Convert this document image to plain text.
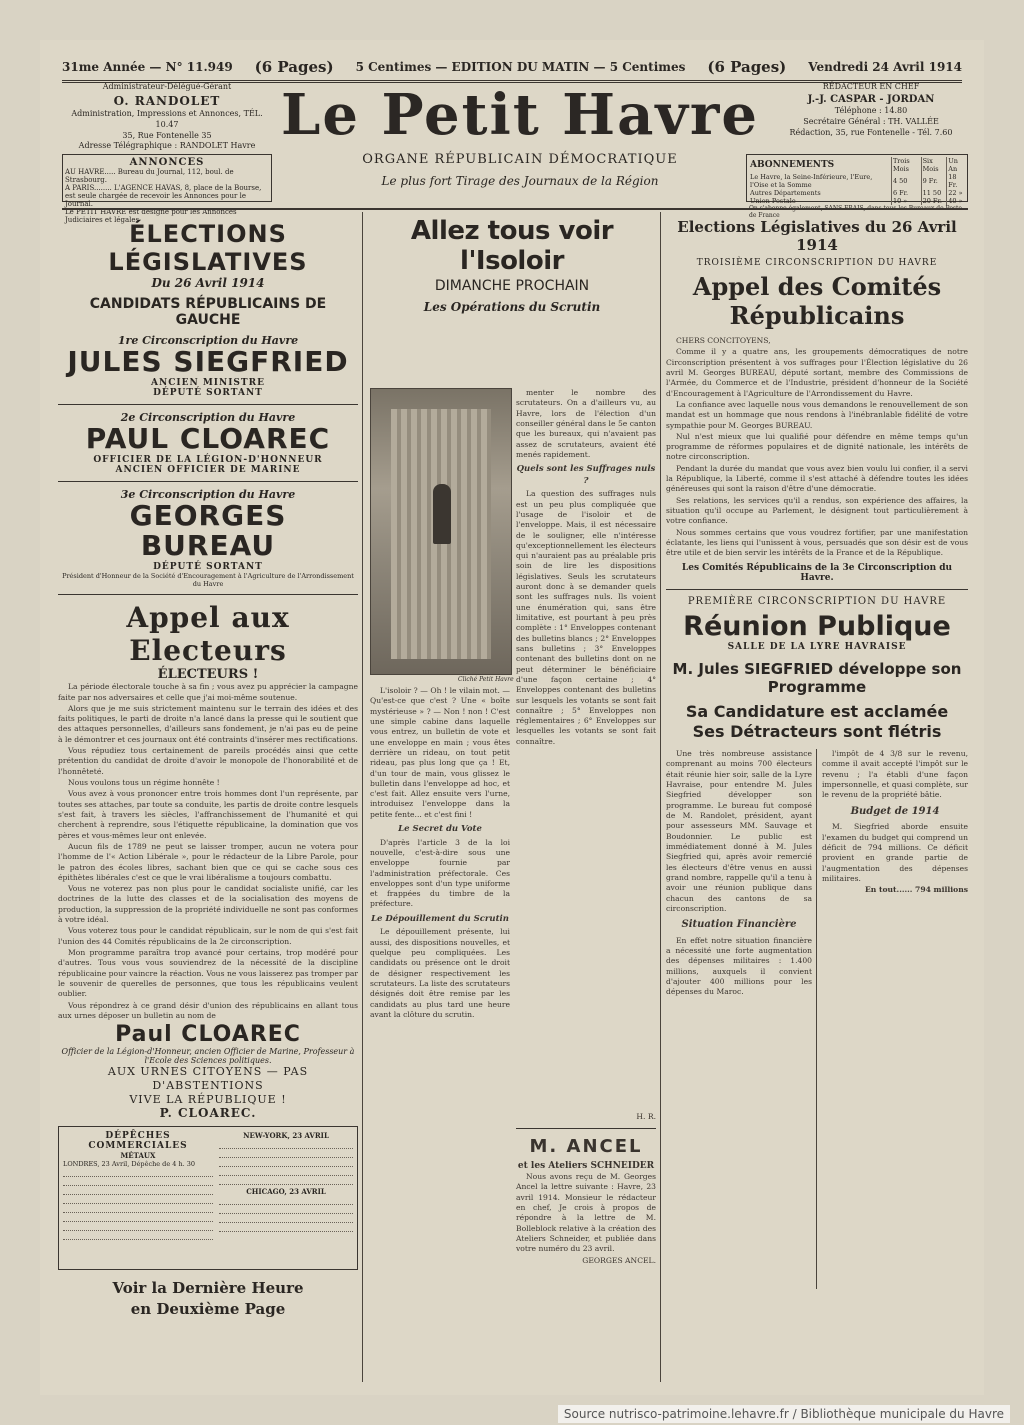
31me Année — N° 11.949 (6 Pages) 5 Centimes — EDITION DU MATIN — 5 Centimes (6 Pages) Vendredi 24 Avril 1914
Administrateur-Délégué-Gérant
O. RANDOLET
Administration, Impressions et Annonces, TÉL. 10.47
35, Rue Fontenelle 35
Adresse Télégraphique : RANDOLET Havre Le Petit Havre
ORGANE RÉPUBLICAIN DÉMOCRATIQUE
Le plus fort Tirage des Journaux de la Région
RÉDACTEUR EN CHEF
J.-J. CASPAR - JORDAN
Téléphone : 14.80
Secrétaire Général : TH. VALLÉE
Rédaction, 35, rue Fontenelle - Tél. 7.60
ANNONCES
AU HAVRE..... Bureau du Journal, 112, boul. de Strasbourg.
A PARIS........ L'AGENCE HAVAS, 8, place de la Bourse, est seule chargée de recevoir les Annonces pour le Journal.
Le PETIT HAVRE est désigné pour les Annonces Judiciaires et légales
ABONNEMENTS	Trois Mois	Six Mois	Un An
Le Havre, la Seine-Inférieure, l'Eure, l'Oise et la Somme	4 50	9 Fr.	18 Fr.
Autres Départements	6 Fr.	11 50	22 »
Union Postale	10 »	20 Fr.	40 »
On s'abonne également, SANS FRAIS, dans tous les Bureaux de Poste de France
ÉLECTIONS LÉGISLATIVES
Du 26 Avril 1914
CANDIDATS RÉPUBLICAINS DE GAUCHE
1re Circonscription du Havre
JULES SIEGFRIED
ANCIEN MINISTRE
DÉPUTÉ SORTANT
2e Circonscription du Havre
PAUL CLOAREC
OFFICIER DE LA LÉGION-D'HONNEUR
ANCIEN OFFICIER DE MARINE
3e Circonscription du Havre
GEORGES BUREAU
DÉPUTÉ SORTANT
Président d'Honneur de la Société d'Encouragement à l'Agriculture de l'Arrondissement du Havre
Appel aux Electeurs
ÉLECTEURS !

La période électorale touche à sa fin ; vous avez pu apprécier la campagne faite par nos adversaires et celle que j'ai moi-même soutenue.

Alors que je me suis strictement maintenu sur le terrain des idées et des faits politiques, le parti de droite n'a lancé dans la presse qui le soutient que des attaques personnelles, d'ailleurs sans fondement, je n'ai pas eu de peine à le démontrer et ces journaux ont été contraints d'insérer mes rectifications.

Vous répudiez tous certainement de pareils procédés ainsi que cette prétention du candidat de droite d'avoir le monopole de l'honorabilité et de l'honnêteté.

Nous voulons tous un régime honnête !

Vous avez à vous prononcer entre trois hommes dont l'un représente, par toutes ses attaches, par toute sa conduite, les partis de droite contre lesquels s'est fait, à travers les siècles, l'affranchissement de l'humanité et qui cherchent à reprendre, sous l'étiquette républicaine, la domination que vos pères et vous-mêmes leur ont enlevée.

Aucun fils de 1789 ne peut se laisser tromper, aucun ne votera pour l'homme de l'« Action Libérale », pour le rédacteur de la Libre Parole, pour le patron des écoles libres, sachant bien que ce qui se cache sous ces épithètes libérales c'est ce que le vrai libéralisme a toujours combattu.

Vous ne voterez pas non plus pour le candidat socialiste unifié, car les doctrines de la lutte des classes et de la socialisation des moyens de production, la suppression de la propriété individuelle ne sont pas conformes à votre idéal.

Vous voterez tous pour le candidat républicain, sur le nom de qui s'est fait l'union des 44 Comités républicains de la 2e circonscription.

Mon programme paraîtra trop avancé pour certains, trop modéré pour d'autres. Tous vous vous souviendrez de la nécessité de la discipline républicaine pour vaincre la réaction. Vous ne vous laisserez pas tromper par le souvenir de querelles de personnes, que tous les républicains veulent oublier.

Vous répondrez à ce grand désir d'union des républicains en allant tous aux urnes déposer un bulletin au nom de

Paul CLOAREC
Officier de la Légion-d'Honneur, ancien Officier de Marine, Professeur à l'Ecole des Sciences politiques.
AUX URNES CITOYENS — PAS D'ABSTENTIONS
VIVE LA RÉPUBLIQUE !
P. CLOAREC.
DÉPÊCHES COMMERCIALES
MÉTAUX
LONDRES, 23 Avril, Dépêche de 4 h. 30
NEW-YORK, 23 AVRIL
CHICAGO, 23 AVRIL
Voir la Dernière Heure
en Deuxième Page
Allez tous voir l'Isoloir
DIMANCHE PROCHAIN
Les Opérations du Scrutin
Cliché Petit Havre

menter le nombre des scrutateurs. On a d'ailleurs vu, au Havre, lors de l'élection d'un conseiller général dans le 5e canton que les bureaux, qui n'avaient pas assez de scrutateurs, avaient été menés rapidement.

Quels sont les Suffrages nuls ?

La question des suffrages nuls est un peu plus compliquée que l'usage de l'isoloir et de l'enveloppe. Mais, il est nécessaire de le souligner, elle n'intéresse qu'exceptionnellement les électeurs qui n'auraient pas au préalable pris soin de lire les dispositions législatives. Seuls les scrutateurs auront donc à se demander quels sont les suffrages nuls. Ils voient une énumération qui, sans être limitative, est pourtant à peu près complète : 1° Enveloppes contenant des bulletins blancs ; 2° Enveloppes sans bulletins ; 3° Enveloppes contenant des bulletins dont on ne peut déterminer le bénéficiaire d'une façon certaine ; 4° Enveloppes contenant des bulletins sur lesquels les votants se sont fait connaître ; 5° Enveloppes non réglementaires ; 6° Enveloppes sur lesquelles les votants se sont fait connaître.

L'isoloir ? — Oh ! le vilain mot. — Qu'est-ce que c'est ? Une « boîte mystérieuse » ? — Non ! non ! C'est une simple cabine dans laquelle vous entrez, un bulletin de vote et une enveloppe en main ; vous êtes derrière un rideau, on tout petit rideau, pas plus long que ça ! Et, d'un tour de main, vous glissez le bulletin dans l'enveloppe ad hoc, et c'est fait. Allez ensuite vers l'urne, introduisez l'enveloppe dans la petite fente... et c'est fini !

Le Secret du Vote

D'après l'article 3 de la loi nouvelle, c'est-à-dire sous une enveloppe fournie par l'administration préfectorale. Ces enveloppes sont d'un type uniforme et frappées du timbre de la préfecture.

Le Dépouillement du Scrutin

Le dépouillement présente, lui aussi, des dispositions nouvelles, et quelque peu compliquées. Les candidats ou présence ont le droit de désigner respectivement les scrutateurs. La liste des scrutateurs désignés doit être remise par les candidats au plus tard une heure avant la clôture du scrutin.

H. R.
M. ANCEL
et les Ateliers SCHNEIDER

Nous avons reçu de M. Georges Ancel la lettre suivante : Havre, 23 avril 1914. Monsieur le rédacteur en chef, Je crois à propos de répondre à la lettre de M. Bolleblock relative à la création des Ateliers Schneider, et publiée dans votre numéro du 23 avril.

GEORGES ANCEL.
Elections Législatives du 26 Avril 1914
TROISIÈME CIRCONSCRIPTION DU HAVRE
Appel des Comités Républicains

CHERS CONCITOYENS,

Comme il y a quatre ans, les groupements démocratiques de notre Circonscription présentent à vos suffrages pour l'Élection législative du 26 avril M. Georges BUREAU, député sortant, membre des Commissions de l'Armée, du Commerce et de l'Industrie, président d'honneur de la Société d'Encouragement à l'Agriculture de l'Arrondissement du Havre.

La confiance avec laquelle nous vous demandons le renouvellement de son mandat est un hommage que nous rendons à l'inébranlable fidélité de votre sympathie pour M. Georges BUREAU.

Nul n'est mieux que lui qualifié pour défendre en même temps qu'un programme de réformes populaires et de dignité nationale, les intérêts de notre circonscription.

Pendant la durée du mandat que vous avez bien voulu lui confier, il a servi la République, la Liberté, comme il s'est attaché à défendre toutes les idées généreuses qui sont la raison d'être d'une démocratie.

Ses relations, les services qu'il a rendus, son expérience des affaires, la situation qu'il occupe au Parlement, le désignent tout particulièrement à votre confiance.

Nous sommes certains que vous voudrez fortifier, par une manifestation éclatante, les liens qui l'unissent à vous, persuadés que son désir est de vous être utile et de bien servir les intérêts de la France et de la République.

Les Comités Républicains de la 3e Circonscription du Havre.
PREMIÈRE CIRCONSCRIPTION DU HAVRE
Réunion Publique
SALLE DE LA LYRE HAVRAISE
M. Jules SIEGFRIED développe son Programme
Sa Candidature est acclamée
Ses Détracteurs sont flétris

Une très nombreuse assistance comprenant au moins 700 électeurs était réunie hier soir, salle de la Lyre Havraise, pour entendre M. Jules Siegfried développer son programme. Le bureau fut composé de M. Randolet, président, ayant pour assesseurs MM. Sauvage et Boudonnier. Le public est immédiatement donné à M. Jules Siegfried qui, après avoir remercié les électeurs d'être venus en aussi grand nombre, rappelle qu'il a tenu à avoir une réunion publique dans chacun des cantons de sa circonscription.

Situation Financière

En effet notre situation financière a nécessité une forte augmentation des dépenses militaires : 1.400 millions, auxquels il convient d'ajouter 400 millions pour les dépenses du Maroc.

l'impôt de 4 3/8 sur le revenu, comme il avait accepté l'impôt sur le revenu ; l'a établi d'une façon impersonnelle, et quasi complète, sur le revenu de la propriété bâtie.

Budget de 1914

M. Siegfried aborde ensuite l'examen du budget qui comprend un déficit de 794 millions. Ce déficit provient en grande partie de l'augmentation des dépenses militaires.

En tout...... 794 millions
Source nutrisco-patrimoine.lehavre.fr / Bibliothèque municipale du Havre
